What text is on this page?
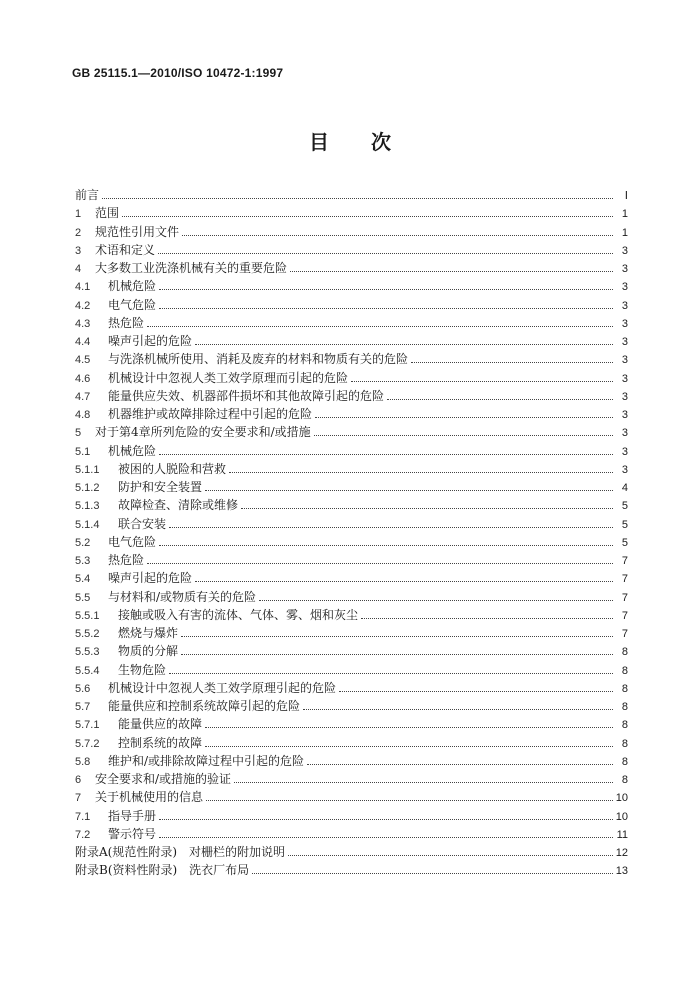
GB 25115.1—2010/ISO 10472-1:1997
目次
前言	Ⅰ
1	范围	1
2	规范性引用文件	1
3	术语和定义	3
4	大多数工业洗涤机械有关的重要危险	3
4.1	机械危险	3
4.2	电气危险	3
4.3	热危险	3
4.4	噪声引起的危险	3
4.5	与洗涤机械所使用、消耗及废弃的材料和物质有关的危险	3
4.6	机械设计中忽视人类工效学原理而引起的危险	3
4.7	能量供应失效、机器部件损坏和其他故障引起的危险	3
4.8	机器维护或故障排除过程中引起的危险	3
5	对于第4章所列危险的安全要求和/或措施	3
5.1	机械危险	3
5.1.1	被困的人脱险和营救	3
5.1.2	防护和安全装置	4
5.1.3	故障检查、清除或维修	5
5.1.4	联合安装	5
5.2	电气危险	5
5.3	热危险	7
5.4	噪声引起的危险	7
5.5	与材料和/或物质有关的危险	7
5.5.1	接触或吸入有害的流体、气体、雾、烟和灰尘	7
5.5.2	燃烧与爆炸	7
5.5.3	物质的分解	8
5.5.4	生物危险	8
5.6	机械设计中忽视人类工效学原理引起的危险	8
5.7	能量供应和控制系统故障引起的危险	8
5.7.1	能量供应的故障	8
5.7.2	控制系统的故障	8
5.8	维护和/或排除故障过程中引起的危险	8
6	安全要求和/或措施的验证	8
7	关于机械使用的信息	10
7.1	指导手册	10
7.2	警示符号	11
附录A(规范性附录)　对栅栏的附加说明	12
附录B(资料性附录)　洗衣厂布局	13
